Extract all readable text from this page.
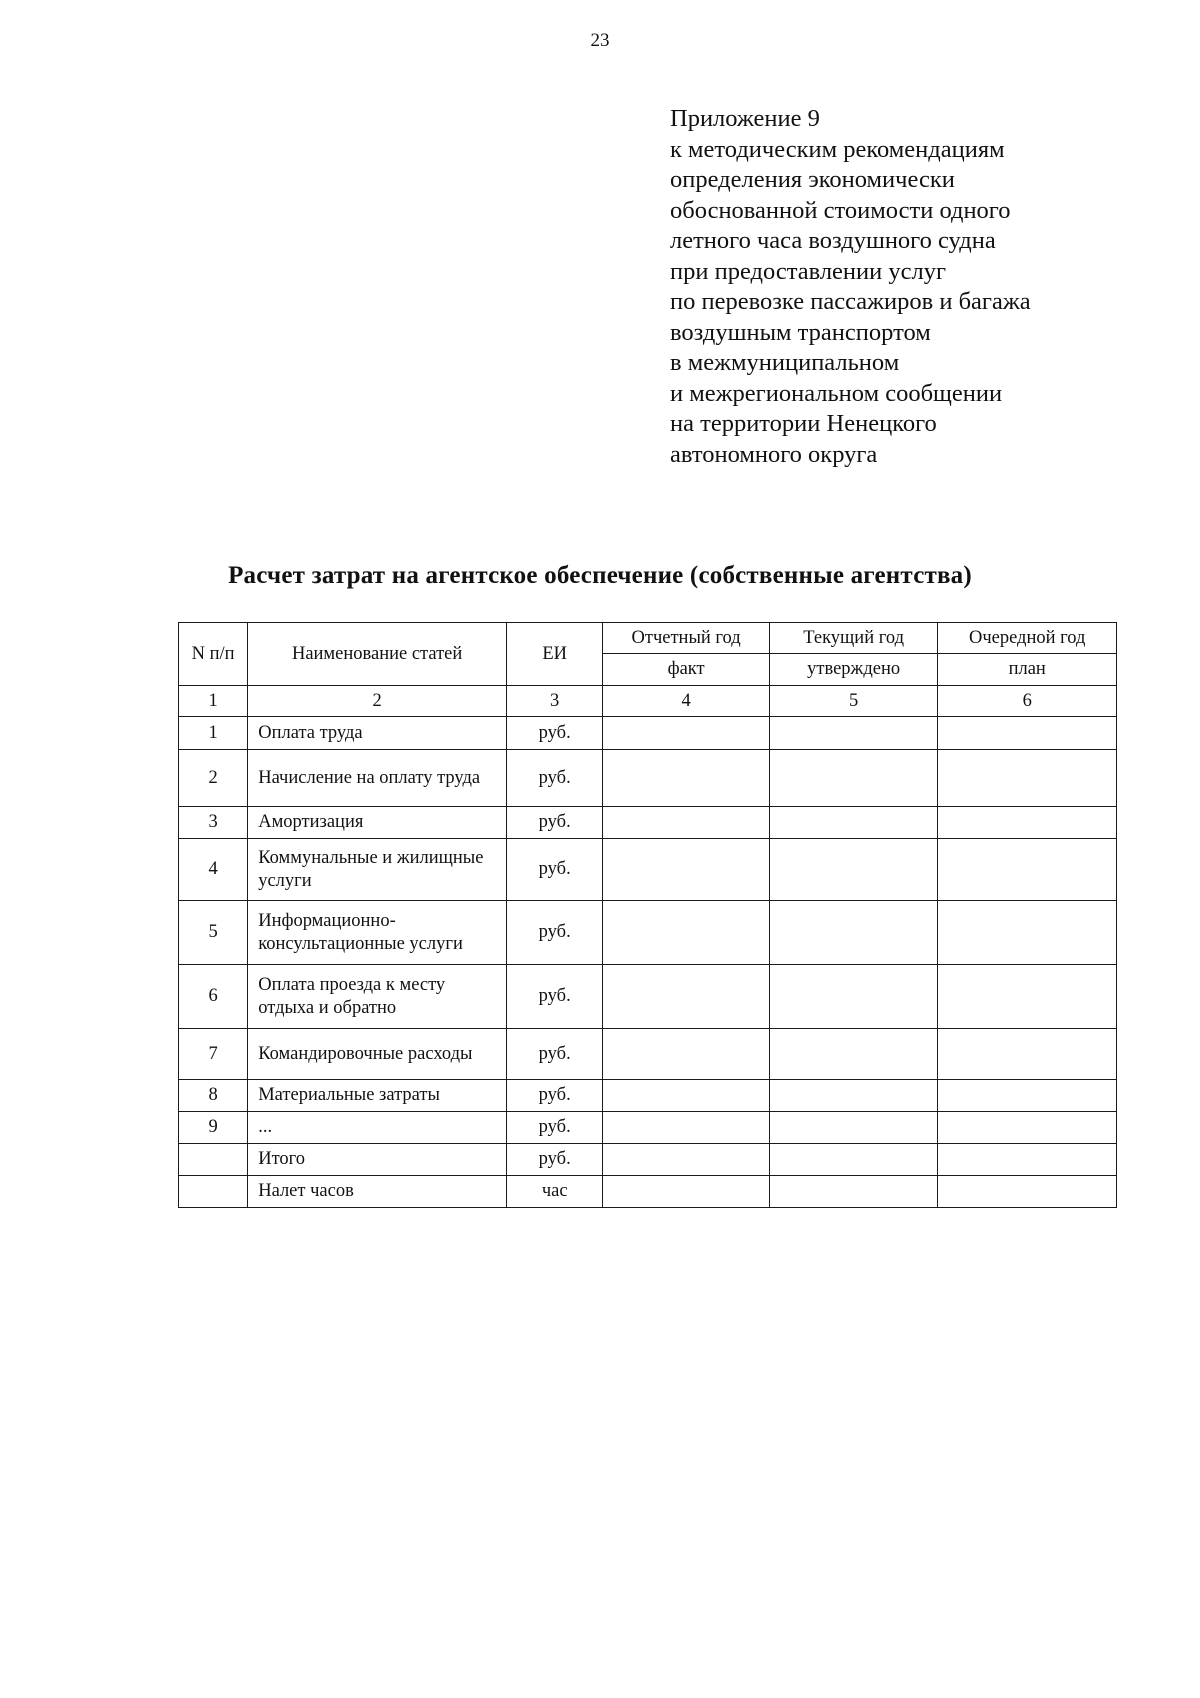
23
Приложение 9
к методическим рекомендациям
определения экономически
обоснованной стоимости одного
летного часа воздушного судна
при предоставлении услуг
по перевозке пассажиров и багажа
воздушным транспортом
в межмуниципальном
и межрегиональном сообщении
на территории Ненецкого
автономного округа
Расчет затрат на агентское обеспечение (собственные агентства)
N п/п	Наименование статей	ЕИ	Отчетный год	Текущий год	Очередной год
			факт	утверждено	план
1	2	3	4	5	6
1	Оплата труда	руб.			
2	Начисление на оплату труда	руб.			
3	Амортизация	руб.			
4	Коммунальные и жилищные услуги	руб.			
5	Информационно-консультационные услуги	руб.			
6	Оплата проезда к месту отдыха и обратно	руб.			
7	Командировочные расходы	руб.			
8	Материальные затраты	руб.			
9	...	руб.			
	Итого	руб.			
	Налет часов	час			
